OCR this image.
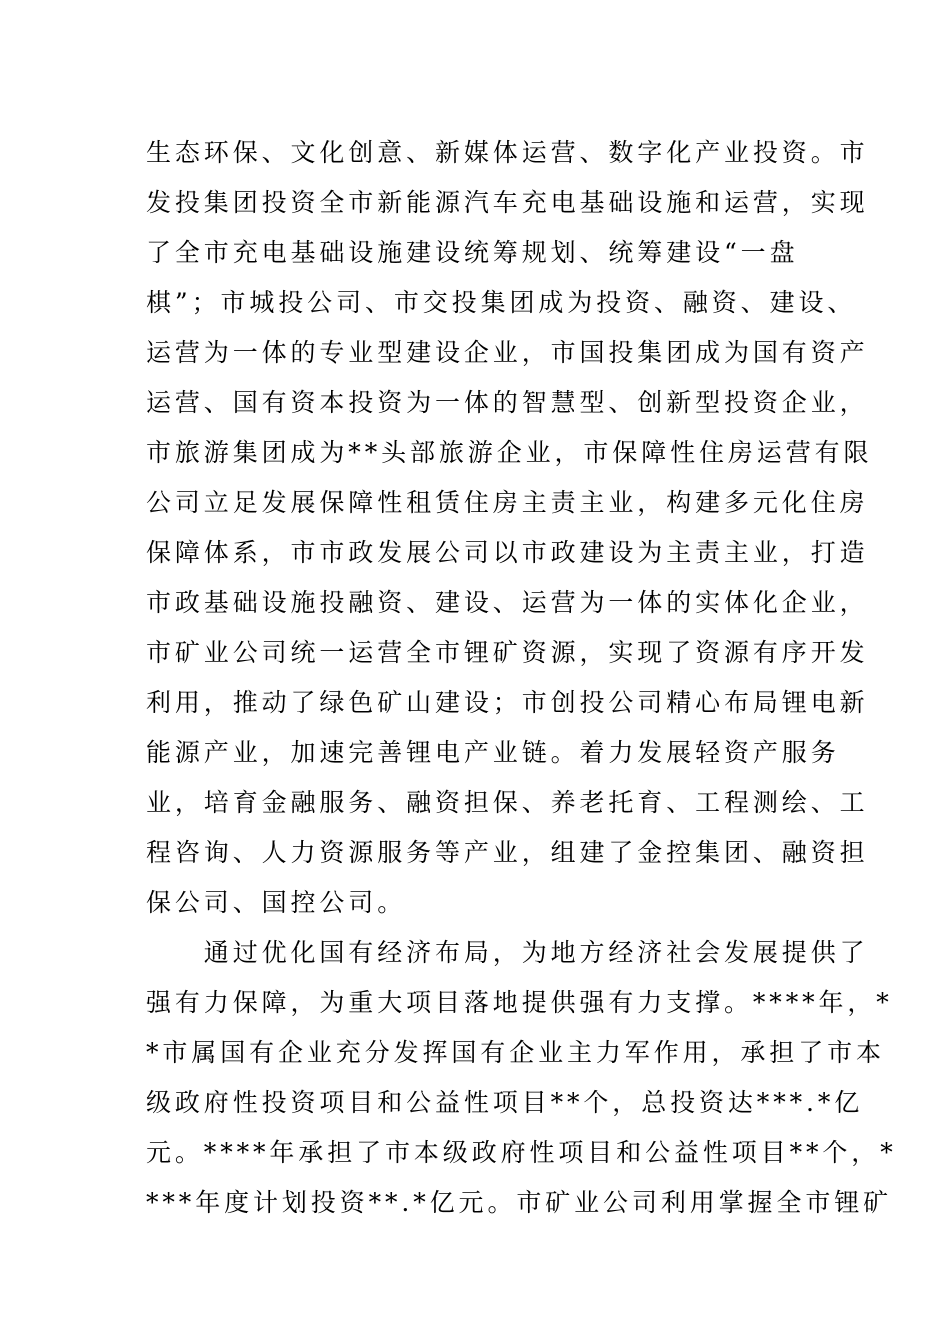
生态环保、文化创意、新媒体运营、数字化产业投资。市
发投集团投资全市新能源汽车充电基础设施和运营，实现
了全市充电基础设施建设统筹规划、统筹建设“一盘
棋”；市城投公司、市交投集团成为投资、融资、建设、
运营为一体的专业型建设企业，市国投集团成为国有资产
运营、国有资本投资为一体的智慧型、创新型投资企业，
市旅游集团成为**头部旅游企业，市保障性住房运营有限
公司立足发展保障性租赁住房主责主业，构建多元化住房
保障体系，市市政发展公司以市政建设为主责主业，打造
市政基础设施投融资、建设、运营为一体的实体化企业，
市矿业公司统一运营全市锂矿资源，实现了资源有序开发
利用，推动了绿色矿山建设；市创投公司精心布局锂电新
能源产业，加速完善锂电产业链。着力发展轻资产服务
业，培育金融服务、融资担保、养老托育、工程测绘、工
程咨询、人力资源服务等产业，组建了金控集团、融资担
保公司、国控公司。
　　通过优化国有经济布局，为地方经济社会发展提供了
强有力保障，为重大项目落地提供强有力支撑。****年，*
*市属国有企业充分发挥国有企业主力军作用，承担了市本
级政府性投资项目和公益性项目**个，总投资达***.*亿
元。****年承担了市本级政府性项目和公益性项目**个，*
***年度计划投资**.*亿元。市矿业公司利用掌握全市锂矿
